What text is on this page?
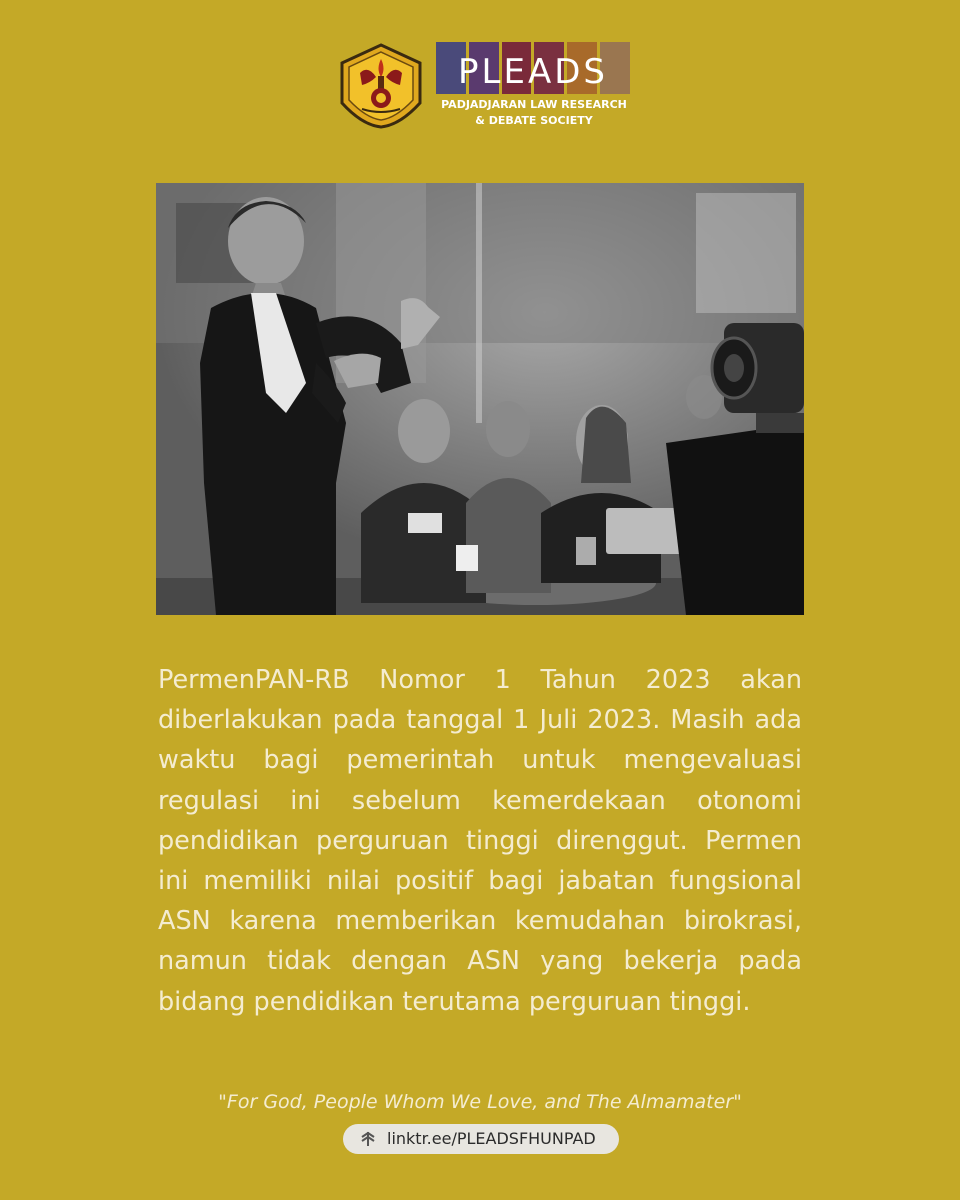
PLEADS
PADJADJARAN LAW RESEARCH
& DEBATE SOCIETY

PermenPAN-RB Nomor 1 Tahun 2023 akan diberlakukan pada tanggal 1 Juli 2023. Masih ada waktu bagi pemerintah untuk mengevaluasi regulasi ini sebelum kemerdekaan otonomi pendidikan perguruan tinggi direnggut. Permen ini memiliki nilai positif bagi jabatan fungsional ASN karena memberikan kemudahan birokrasi, namun tidak dengan ASN yang bekerja pada bidang pendidikan terutama perguruan tinggi.

"For God, People Whom We Love, and The Almamater"
linktr.ee/PLEADSFHUNPAD
